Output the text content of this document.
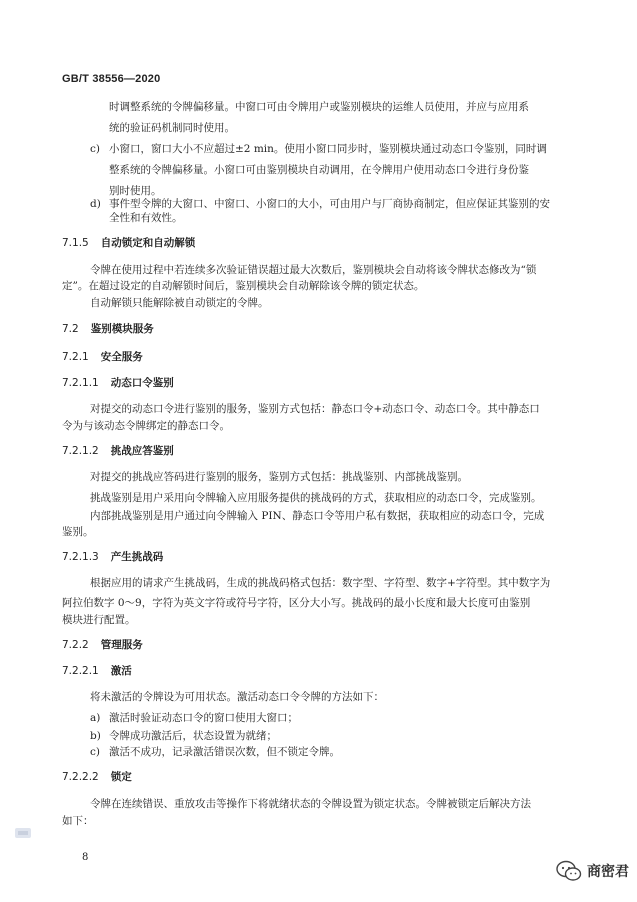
GB/T 38556—2020
时调整系统的令牌偏移量。中窗口可由令牌用户或鉴别模块的运维人员使用，并应与应用系
统的验证码机制同时使用。
c) 小窗口，窗口大小不应超过±2 min。使用小窗口同步时，鉴别模块通过动态口令鉴别，同时调
整系统的令牌偏移量。小窗口可由鉴别模块自动调用，在令牌用户使用动态口令进行身份鉴
别时使用。
d) 事件型令牌的大窗口、中窗口、小窗口的大小，可由用户与厂商协商制定，但应保证其鉴别的安
全性和有效性。
7.1.5 自动锁定和自动解锁
令牌在使用过程中若连续多次验证错误超过最大次数后，鉴别模块会自动将该令牌状态修改为“锁
定”。在超过设定的自动解锁时间后，鉴别模块会自动解除该令牌的锁定状态。
自动解锁只能解除被自动锁定的令牌。
7.2 鉴别模块服务
7.2.1 安全服务
7.2.1.1 动态口令鉴别
对提交的动态口令进行鉴别的服务，鉴别方式包括：静态口令+动态口令、动态口令。其中静态口
令为与该动态令牌绑定的静态口令。
7.2.1.2 挑战应答鉴别
对提交的挑战应答码进行鉴别的服务，鉴别方式包括：挑战鉴别、内部挑战鉴别。
挑战鉴别是用户采用向令牌输入应用服务提供的挑战码的方式，获取相应的动态口令，完成鉴别。
内部挑战鉴别是用户通过向令牌输入 PIN、静态口令等用户私有数据，获取相应的动态口令，完成
鉴别。
7.2.1.3 产生挑战码
根据应用的请求产生挑战码，生成的挑战码格式包括：数字型、字符型、数字+字符型。其中数字为
阿拉伯数字 0～9，字符为英文字符或符号字符，区分大小写。挑战码的最小长度和最大长度可由鉴别
模块进行配置。
7.2.2 管理服务
7.2.2.1 激活
将未激活的令牌设为可用状态。激活动态口令令牌的方法如下：
a) 激活时验证动态口令的窗口使用大窗口；
b) 令牌成功激活后，状态设置为就绪；
c) 激活不成功，记录激活错误次数，但不锁定令牌。
7.2.2.2 锁定
令牌在连续错误、重放攻击等操作下将就绪状态的令牌设置为锁定状态。令牌被锁定后解决方法
如下：
8
商密君
